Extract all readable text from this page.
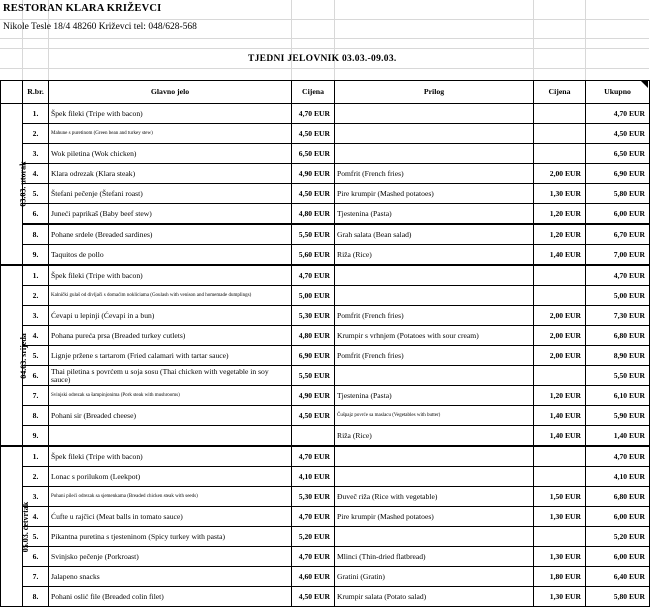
RESTORAN KLARA KRIŽEVCI
Nikole Tesle 18/4 48260 Križevci tel: 048/628-568
TJEDNI JELOVNIK 03.03.-09.03.
	R.br.	Glavno jelo	Cijena	Prilog	Cijena	Ukupno
03.03. utorak	1.	Špek fileki (Tripe with bacon)	4,70 EUR			4,70 EUR
	2.	Mahune s puretinom (Green bean and turkey stew)	4,50 EUR			4,50 EUR
	3.	Wok piletina (Wok chicken)	6,50 EUR			6,50 EUR
	4.	Klara odrezak (Klara steak)	4,90 EUR	Pomfrit (French fries)	2,00 EUR	6,90 EUR
	5.	Štefani pečenje (Štefani roast)	4,50 EUR	Pire krumpir (Mashed potatoes)	1,30 EUR	5,80 EUR
	6.	Juneći paprikaš (Baby beef stew)	4,80 EUR	Tjestenina (Pasta)	1,20 EUR	6,00 EUR
	8.	Pohane srdele (Breaded sardines)	5,50 EUR	Grah salata (Bean salad)	1,20 EUR	6,70 EUR
	9.	Taquitos de pollo	5,60 EUR	Riža (Rice)	1,40 EUR	7,00 EUR
04.03. srijeda	1.	Špek fileki (Tripe with bacon)	4,70 EUR			4,70 EUR
	2.	Kalnički gulaš od divljači s domaćim nokliciama (Goulash with venison and homemade dumplings)	5,00 EUR			5,00 EUR
	3.	Ćevapi u lepinji (Ćevapi in a bun)	5,30 EUR	Pomfrit (French fries)	2,00 EUR	7,30 EUR
	4.	Pohana pureća prsa (Breaded turkey cutlets)	4,80 EUR	Krumpir s vrhnjem (Potatoes with sour cream)	2,00 EUR	6,80 EUR
	5.	Lignje pržene s tartarom (Fried calamari with tartar sauce)	6,90 EUR	Pomfrit (French fries)	2,00 EUR	8,90 EUR
	6.	Thai piletina s povrćem u soja sosu (Thai chicken with vegetable in soy sauce)	5,50 EUR			5,50 EUR
	7.	Svinjski odrezak sa šampinjonima (Pork steak with mushrooms)	4,90 EUR	Tjestenina (Pasta)	1,20 EUR	6,10 EUR
	8.	Pohani sir (Breaded cheese)	4,50 EUR	Čušpajz povrće sa maslacu (Vegetables with butter)	1,40 EUR	5,90 EUR
	9.			Riža (Rice)	1,40 EUR	1,40 EUR
05.03. četvrtak	1.	Špek fileki (Tripe with bacon)	4,70 EUR			4,70 EUR
	2.	Lonac s porilukom (Leekpot)	4,10 EUR			4,10 EUR
	3.	Pohani pileći odrezak sa sjemenkama (Breaded chicken steak with seeds)	5,30 EUR	Đuveč riža (Rice with vegetable)	1,50 EUR	6,80 EUR
	4.	Ćufte u rajčici (Meat balls in tomato sauce)	4,70 EUR	Pire krumpir (Mashed potatoes)	1,30 EUR	6,00 EUR
	5.	Pikantna puretina s tjesteninom (Spicy turkey with pasta)	5,20 EUR			5,20 EUR
	6.	Svinjsko pečenje (Porkroast)	4,70 EUR	Mlinci (Thin-dried flatbread)	1,30 EUR	6,00 EUR
	7.	Jalapeno snacks	4,60 EUR	Gratini (Gratin)	1,80 EUR	6,40 EUR
	8.	Pohani oslić file (Breaded colin filet)	4,50 EUR	Krumpir salata (Potato salad)	1,30 EUR	5,80 EUR
